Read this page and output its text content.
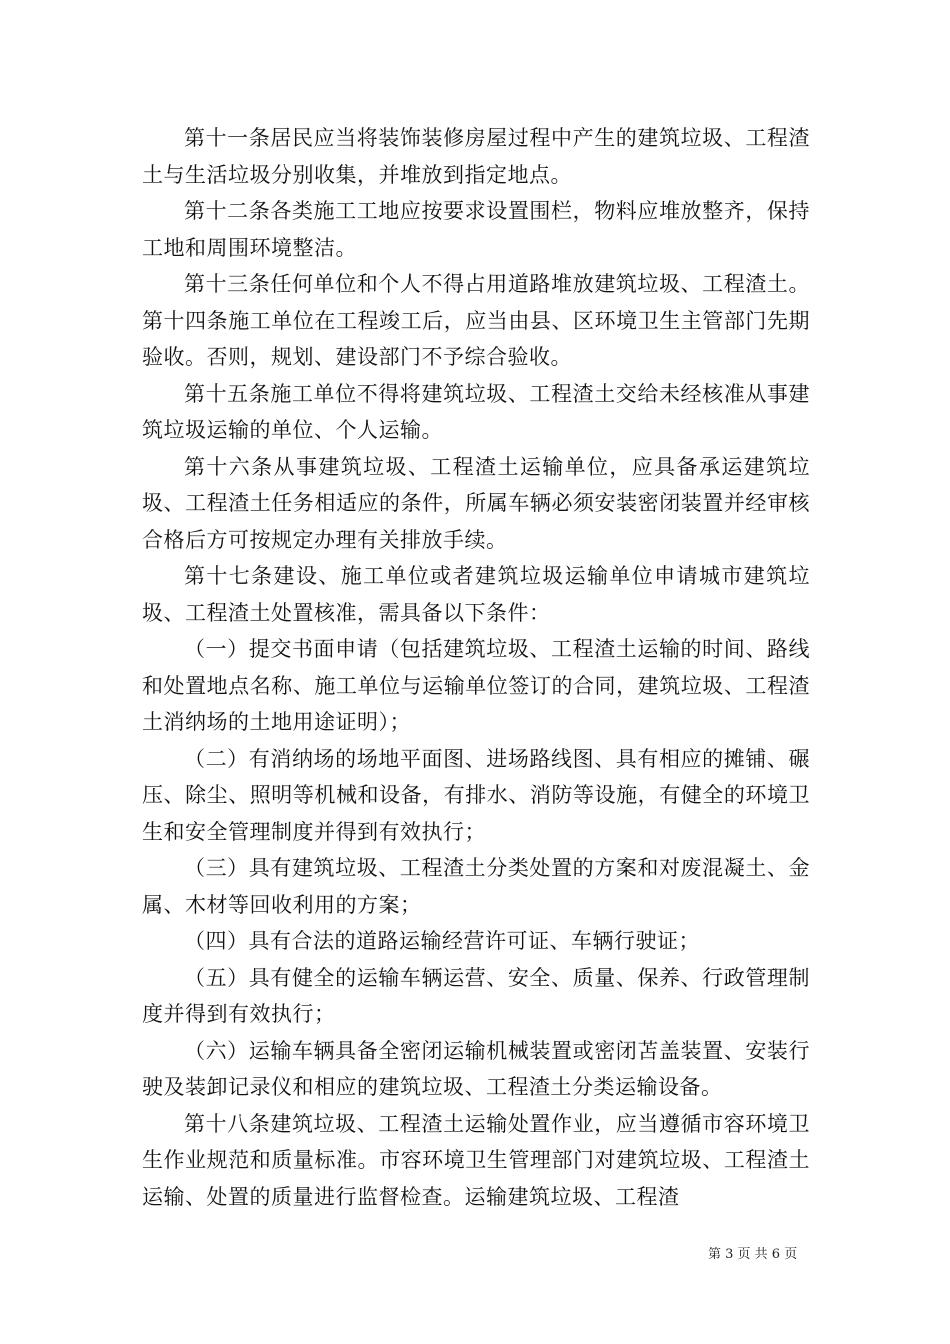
第十一条居民应当将装饰装修房屋过程中产生的建筑垃圾、工程渣土与生活垃圾分别收集，并堆放到指定地点。

第十二条各类施工工地应按要求设置围栏，物料应堆放整齐，保持工地和周围环境整洁。

第十三条任何单位和个人不得占用道路堆放建筑垃圾、工程渣土。第十四条施工单位在工程竣工后，应当由县、区环境卫生主管部门先期验收。否则，规划、建设部门不予综合验收。

第十五条施工单位不得将建筑垃圾、工程渣土交给未经核准从事建筑垃圾运输的单位、个人运输。

第十六条从事建筑垃圾、工程渣土运输单位，应具备承运建筑垃圾、工程渣土任务相适应的条件，所属车辆必须安装密闭装置并经审核合格后方可按规定办理有关排放手续。

第十七条建设、施工单位或者建筑垃圾运输单位申请城市建筑垃圾、工程渣土处置核准，需具备以下条件：

（一）提交书面申请（包括建筑垃圾、工程渣土运输的时间、路线和处置地点名称、施工单位与运输单位签订的合同，建筑垃圾、工程渣土消纳场的土地用途证明）；

（二）有消纳场的场地平面图、进场路线图、具有相应的摊铺、碾压、除尘、照明等机械和设备，有排水、消防等设施，有健全的环境卫生和安全管理制度并得到有效执行；

（三）具有建筑垃圾、工程渣土分类处置的方案和对废混凝土、金属、木材等回收利用的方案；

（四）具有合法的道路运输经营许可证、车辆行驶证；

（五）具有健全的运输车辆运营、安全、质量、保养、行政管理制度并得到有效执行；

（六）运输车辆具备全密闭运输机械装置或密闭苫盖装置、安装行驶及装卸记录仪和相应的建筑垃圾、工程渣土分类运输设备。

第十八条建筑垃圾、工程渣土运输处置作业，应当遵循市容环境卫生作业规范和质量标准。市容环境卫生管理部门对建筑垃圾、工程渣土运输、处置的质量进行监督检查。运输建筑垃圾、工程渣

第 3 页 共 6 页
